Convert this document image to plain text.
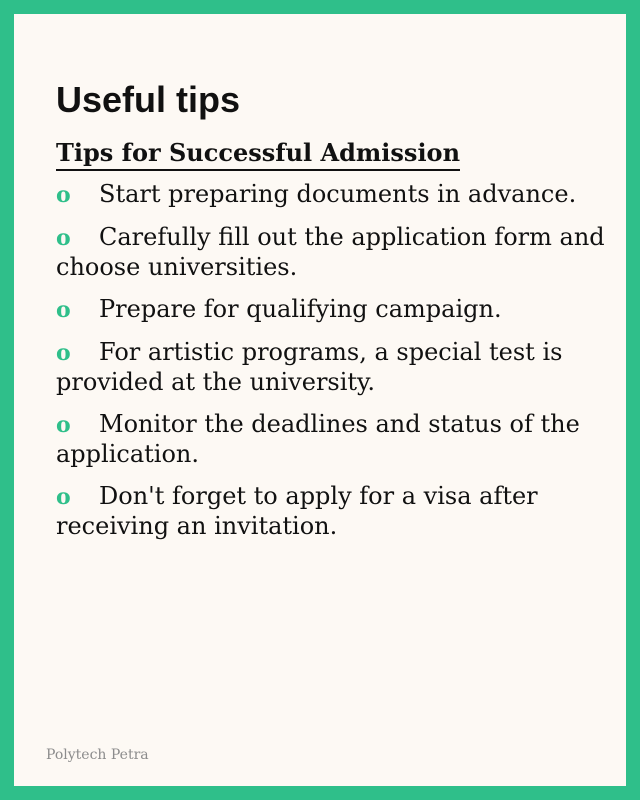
Useful tips
Tips for Successful Admission
o Start preparing documents in advance.
o Carefully fill out the application form and choose universities.
o Prepare for qualifying campaign.
o For artistic programs, a special test is provided at the university.
o Monitor the deadlines and status of the application.
o Don't forget to apply for a visa after receiving an invitation.

Polytech Petra
